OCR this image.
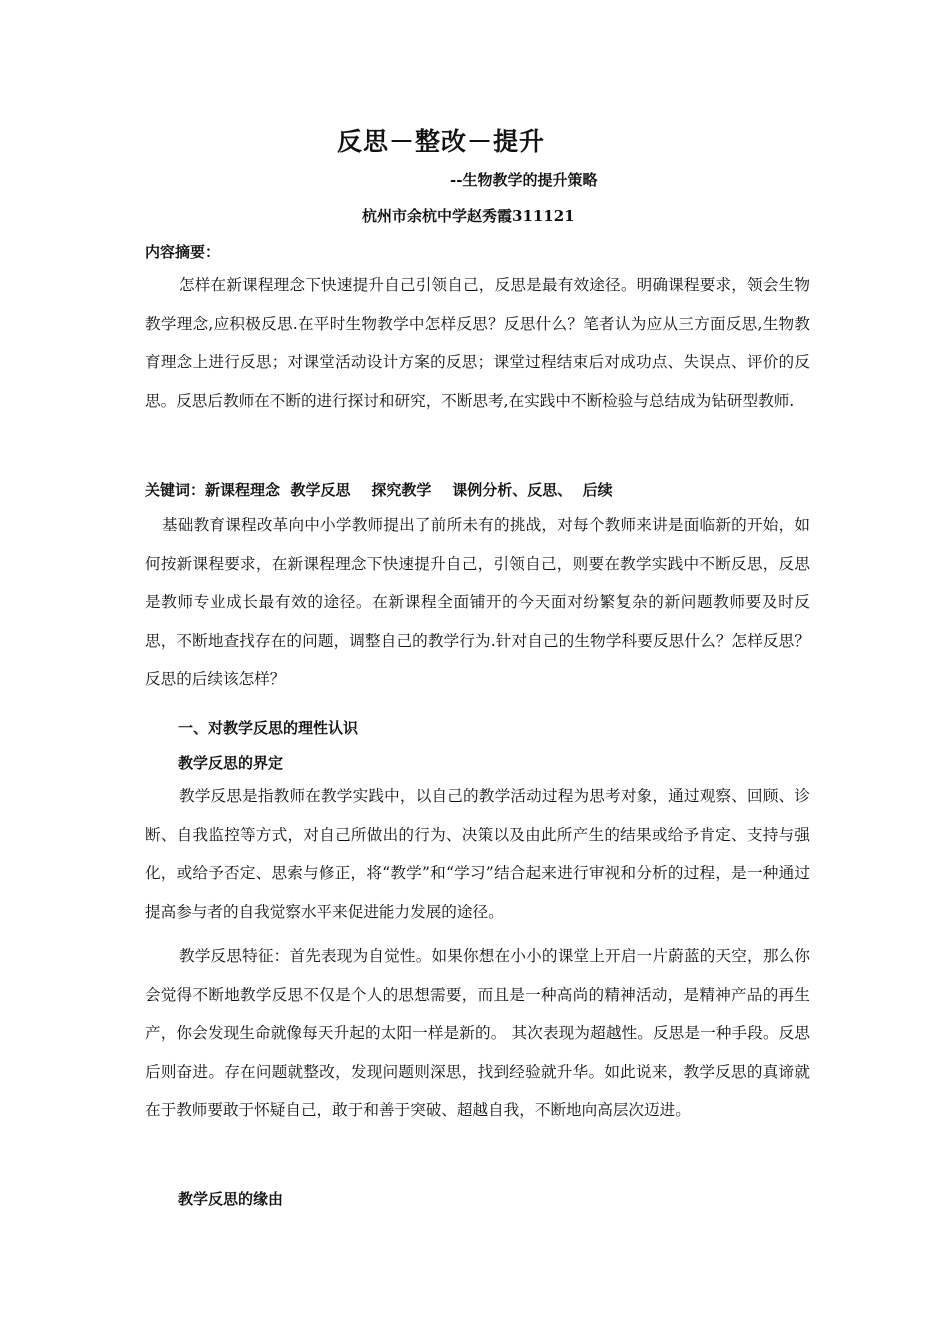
反思－整改－提升
--生物教学的提升策略
杭州市余杭中学赵秀霞311121
内容摘要：

怎样在新课程理念下快速提升自己引领自己，反思是最有效途径。明确课程要求，领会生物教学理念,应积极反思.在平时生物教学中怎样反思？反思什么？笔者认为应从三方面反思,生物教育理念上进行反思；对课堂活动设计方案的反思；课堂过程结束后对成功点、失误点、评价的反思。反思后教师在不断的进行探讨和研究，不断思考,在实践中不断检验与总结成为钻研型教师.

关键词：新课程理念  教学反思    探究教学    课例分析、反思、  后续

基础教育课程改革向中小学教师提出了前所未有的挑战，对每个教师来讲是面临新的开始，如何按新课程要求，在新课程理念下快速提升自己，引领自己，则要在教学实践中不断反思，反思是教师专业成长最有效的途径。在新课程全面铺开的今天面对纷繁复杂的新问题教师要及时反思，不断地查找存在的问题，调整自己的教学行为.针对自己的生物学科要反思什么？怎样反思？反思的后续该怎样？

一、对教学反思的理性认识
教学反思的界定

教学反思是指教师在教学实践中，以自己的教学活动过程为思考对象，通过观察、回顾、诊断、自我监控等方式，对自己所做出的行为、决策以及由此所产生的结果或给予肯定、支持与强化，或给予否定、思索与修正，将“教学”和“学习”结合起来进行审视和分析的过程，是一种通过提高参与者的自我觉察水平来促进能力发展的途径。

教学反思特征：首先表现为自觉性。如果你想在小小的课堂上开启一片蔚蓝的天空，那么你会觉得不断地教学反思不仅是个人的思想需要，而且是一种高尚的精神活动，是精神产品的再生产，你会发现生命就像每天升起的太阳一样是新的。 其次表现为超越性。反思是一种手段。反思后则奋进。存在问题就整改，发现问题则深思，找到经验就升华。如此说来，教学反思的真谛就在于教师要敢于怀疑自己，敢于和善于突破、超越自我，不断地向高层次迈进。

教学反思的缘由
